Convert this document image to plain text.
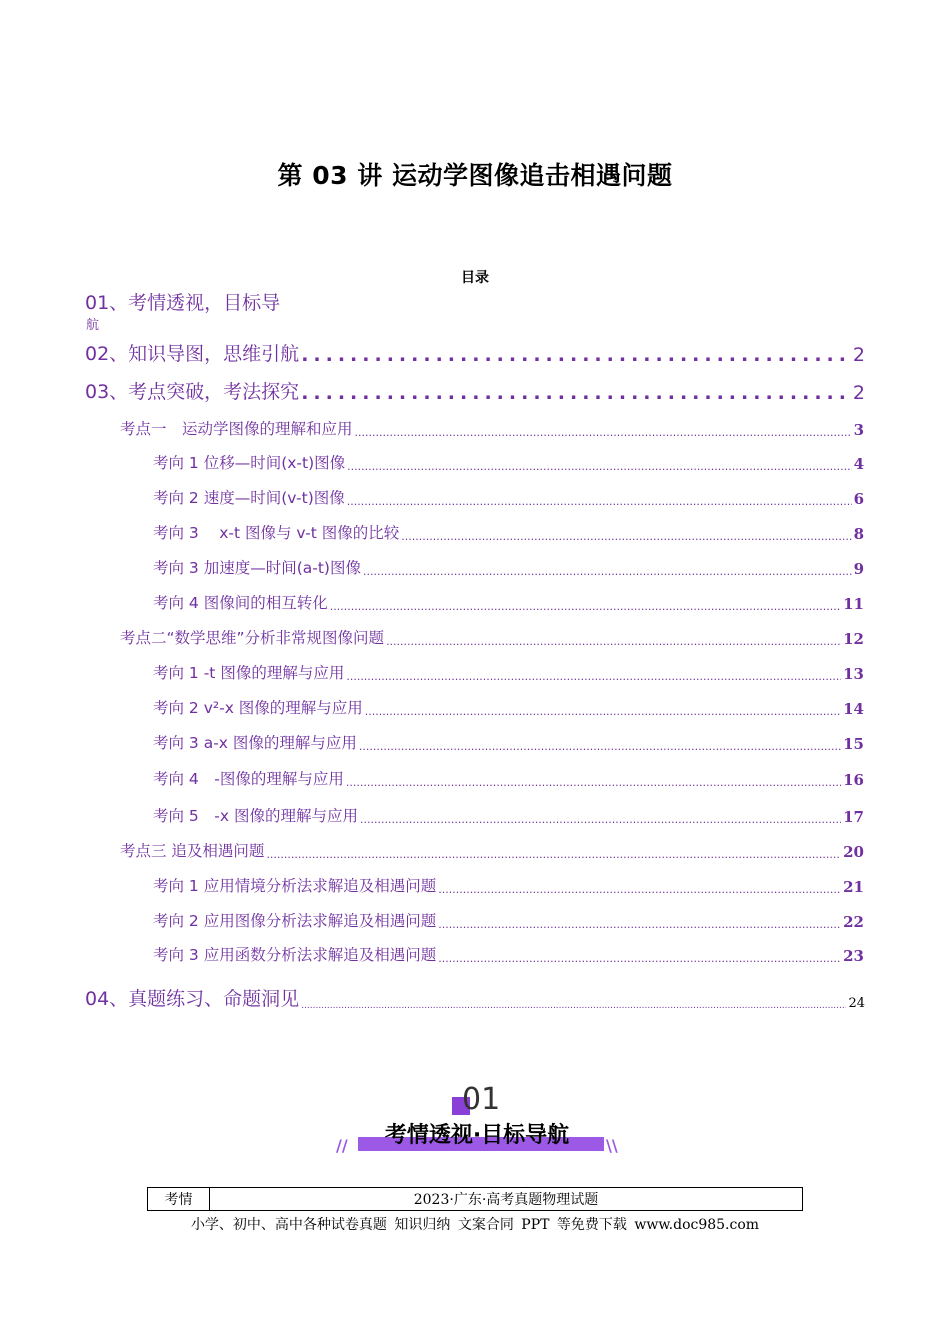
第 03 讲 运动学图像追击相遇问题
目录
01、考情透视，目标导
航
02、知识导图，思维引航 .....	2
03、考点突破，考法探究 .....	2
考点一　运动学图像的理解和应用 .....	3
考向 1 位移—时间(x-t)图像 .....	4
考向 2 速度—时间(v-t)图像 .....	6
考向 3　 x-t 图像与 v-t 图像的比较 .....	8
考向 3 加速度—时间(a-t)图像 .....	9
考向 4 图像间的相互转化 .....	11
考点二“数学思维”分析非常规图像问题 .....	12
考向 1 -t 图像的理解与应用 .....	13
考向 2 v²-x 图像的理解与应用 .....	14
考向 3 a-x 图像的理解与应用 .....	15
考向 4　-图像的理解与应用 .....	16
考向 5　-x 图像的理解与应用 .....	17
考点三 追及相遇问题 .....	20
考向 1 应用情境分析法求解追及相遇问题 .....	21
考向 2 应用图像分析法求解追及相遇问题 .....	22
考向 3 应用函数分析法求解追及相遇问题 .....	23
04、真题练习、命题洞见 .....	24
01
//	考情透视·目标导航	\\
考情	2023·广东·高考真题物理试题
小学、初中、高中各种试卷真题 知识归纳 文案合同 PPT 等免费下载 www.doc985.com
